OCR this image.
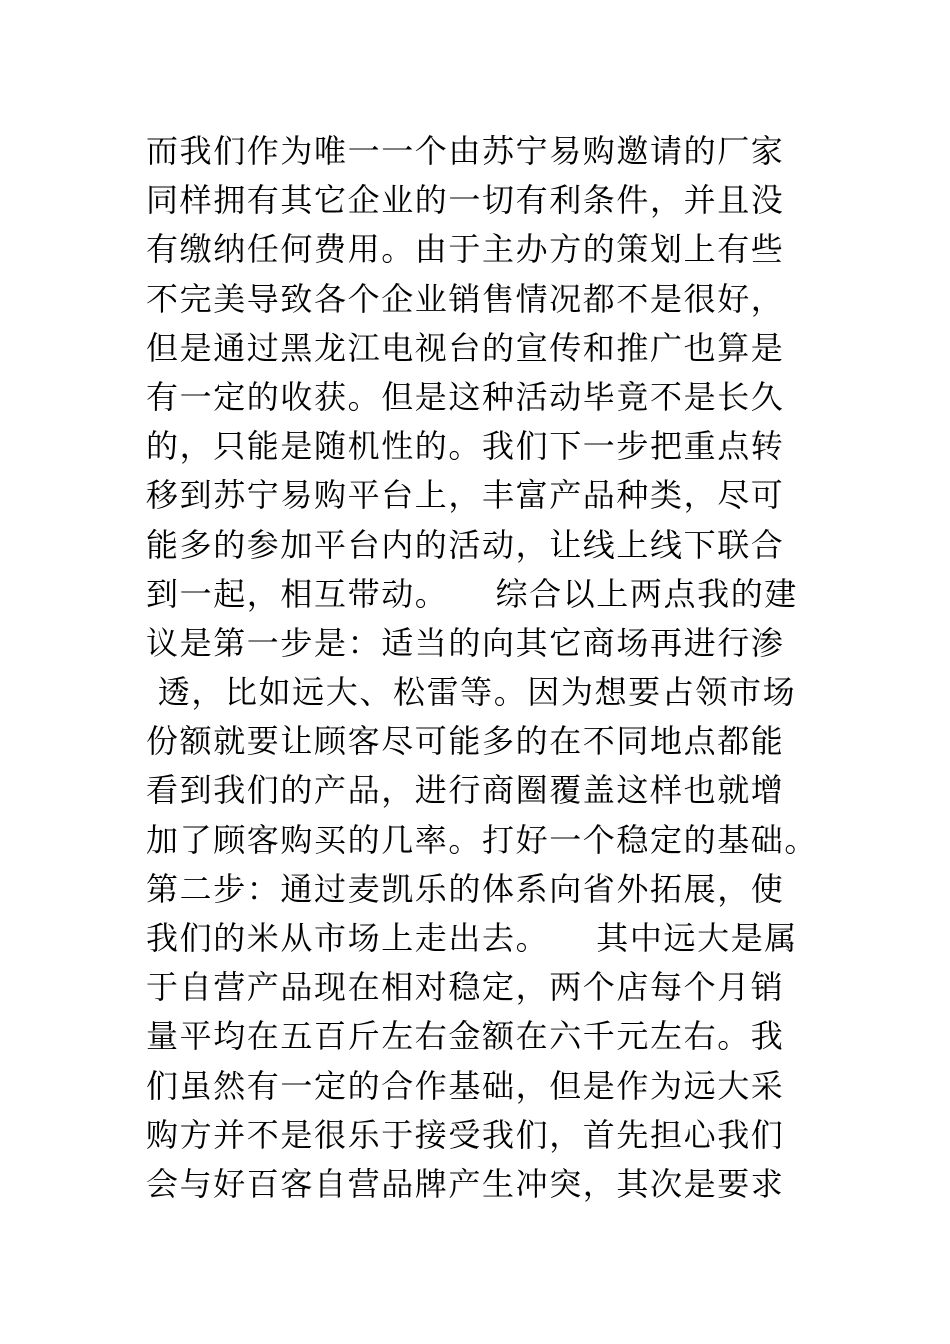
而我们作为唯一一个由苏宁易购邀请的厂家
同样拥有其它企业的一切有利条件，并且没
有缴纳任何费用。由于主办方的策划上有些
不完美导致各个企业销售情况都不是很好，
但是通过黑龙江电视台的宣传和推广也算是
有一定的收获。但是这种活动毕竟不是长久
的，只能是随机性的。我们下一步把重点转
移到苏宁易购平台上，丰富产品种类，尽可
能多的参加平台内的活动，让线上线下联合
到一起，相互带动。    综合以上两点我的建
议是第一步是：适当的向其它商场再进行渗
透，比如远大、松雷等。因为想要占领市场
份额就要让顾客尽可能多的在不同地点都能
看到我们的产品，进行商圈覆盖这样也就增
加了顾客购买的几率。打好一个稳定的基础。
第二步：通过麦凯乐的体系向省外拓展，使
我们的米从市场上走出去。    其中远大是属
于自营产品现在相对稳定，两个店每个月销
量平均在五百斤左右金额在六千元左右。我
们虽然有一定的合作基础，但是作为远大采
购方并不是很乐于接受我们，首先担心我们
会与好百客自营品牌产生冲突，其次是要求
